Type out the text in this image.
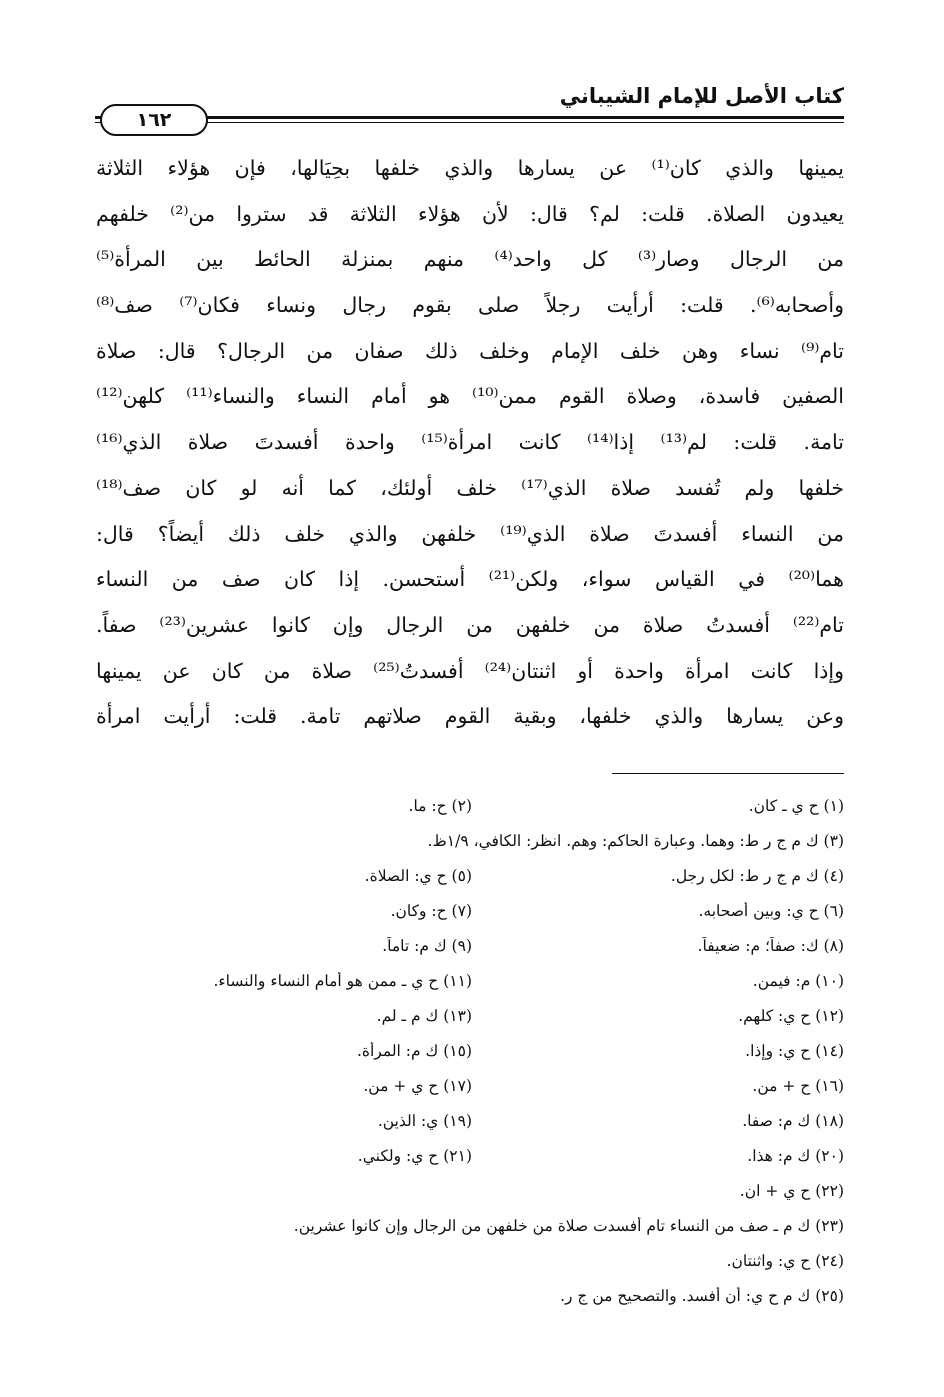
كتاب الأصل للإمام الشيباني
١٦٢
يمينها والذي كان⁽¹⁾ عن يسارها والذي خلفها بحِيَالها، فإن هؤلاء الثلاثة
يعيدون الصلاة. قلت: لم؟ قال: لأن هؤلاء الثلاثة قد ستروا من⁽²⁾ خلفهم
من الرجال وصار⁽³⁾ كل واحد⁽⁴⁾ منهم بمنزلة الحائط بين المرأة⁽⁵⁾
وأصحابه⁽⁶⁾. قلت: أرأيت رجلاً صلى بقوم رجال ونساء فكان⁽⁷⁾ صف⁽⁸⁾
تام⁽⁹⁾ نساء وهن خلف الإمام وخلف ذلك صفان من الرجال؟ قال: صلاة
الصفين فاسدة، وصلاة القوم ممن⁽¹⁰⁾ هو أمام النساء والنساء⁽¹¹⁾ كلهن⁽¹²⁾
تامة. قلت: لم⁽¹³⁾ إذا⁽¹⁴⁾ كانت امرأة⁽¹⁵⁾ واحدة أفسدتَ صلاة الذي⁽¹⁶⁾
خلفها ولم تُفسد صلاة الذي⁽¹⁷⁾ خلف أولئك، كما أنه لو كان صف⁽¹⁸⁾
من النساء أفسدتَ صلاة الذي⁽¹⁹⁾ خلفهن والذي خلف ذلك أيضاً؟ قال:
هما⁽²⁰⁾ في القياس سواء، ولكن⁽²¹⁾ أستحسن. إذا كان صف من النساء
تام⁽²²⁾ أفسدتُ صلاة من خلفهن من الرجال وإن كانوا عشرين⁽²³⁾ صفاً.
وإذا كانت امرأة واحدة أو اثنتان⁽²⁴⁾ أفسدتُ⁽²⁵⁾ صلاة من كان عن يمينها
وعن يسارها والذي خلفها، وبقية القوم صلاتهم تامة. قلت: أرأيت امرأة
(١) ح ي ـ كان.
(٢) ح: ما.
(٣) ك م ج ر ط: وهما. وعبارة الحاكم: وهم. انظر: الكافي، ١/٩ظ.
(٤) ك م ج ر ط: لكل رجل.
(٥) ح ي: الصلاة.
(٦) ح ي: وبين أصحابه.
(٧) ح: وكان.
(٨) ك: صفاً؛ م: ضعيفاً.
(٩) ك م: تاماً.
(١٠) م: فيمن.
(١١) ح ي ـ ممن هو أمام النساء والنساء.
(١٢) ح ي: كلهم.
(١٣) ك م ـ لم.
(١٤) ح ي: وإذا.
(١٥) ك م: المرأة.
(١٦) ح + من.
(١٧) ح ي + من.
(١٨) ك م: صفا.
(١٩) ي: الذين.
(٢٠) ك م: هذا.
(٢١) ح ي: ولكني.
(٢٢) ح ي + ان.
(٢٣) ك م ـ صف من النساء تام أفسدت صلاة من خلفهن من الرجال وإن كانوا عشرين.
(٢٤) ح ي: واثنتان.
(٢٥) ك م ح ي: أن أفسد. والتصحيح من ج ر.
